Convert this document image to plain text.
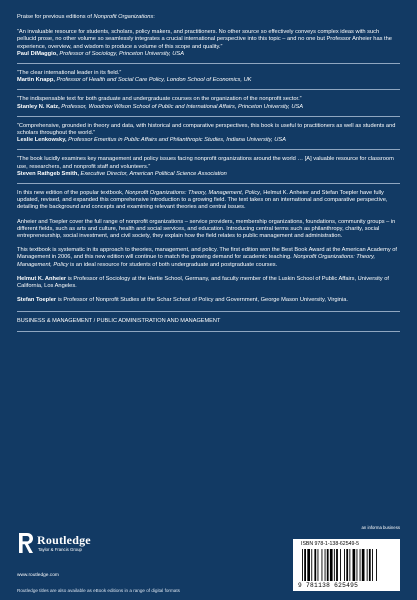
Praise for previous editions of Nonprofit Organizations:

“An invaluable resource for students, scholars, policy makers, and practitioners. No other source so effectively conveys complex ideas with such pellucid prose, no other volume so seamlessly integrates a crucial international perspective into this topic – and no one but Professor Anheier has the experience, overview, and wisdom to produce a volume of this scope and quality.”

Paul DiMaggio, Professor of Sociology, Princeton University, USA

“The clear international leader in its field.”

Martin Knapp, Professor of Health and Social Care Policy, London School of Economics, UK

“The indispensable text for both graduate and undergraduate courses on the organization of the nonprofit sector.”

Stanley N. Katz, Professor, Woodrow Wilson School of Public and International Affairs, Princeton University, USA

“Comprehensive, grounded in theory and data, with historical and comparative perspectives, this book is useful to practitioners as well as students and scholars throughout the world.”

Leslie Lenkowsky, Professor Emeritus in Public Affairs and Philanthropic Studies, Indiana University, USA

“The book lucidly examines key management and policy issues facing nonprofit organizations around the world … [A] valuable resource for classroom use, researchers, and nonprofit staff and volunteers.”

Steven Rathgeb Smith, Executive Director, American Political Science Association

In this new edition of the popular textbook, Nonprofit Organizations: Theory, Management, Policy, Helmut K. Anheier and Stefan Toepler have fully updated, revised, and expanded this comprehensive introduction to a growing field. The text takes on an international and comparative perspective, detailing the background and concepts and examining relevant theories and central issues.

Anheier and Toepler cover the full range of nonprofit organizations – service providers, membership organizations, foundations, community groups – in different fields, such as arts and culture, health and social services, and education. Introducing central terms such as philanthropy, charity, social entrepreneurship, social investment, and civil society, they explain how the field relates to public management and administration.

This textbook is systematic in its approach to theories, management, and policy. The first edition won the Best Book Award at the American Academy of Management in 2006, and this new edition will continue to match the growing demand for academic teaching. Nonprofit Organizations: Theory, Management, Policy is an ideal resource for students of both undergraduate and postgraduate courses.

Helmut K. Anheier is Professor of Sociology at the Hertie School, Germany, and faculty member of the Luskin School of Public Affairs, University of California, Los Angeles.

Stefan Toepler is Professor of Nonprofit Studies at the Schar School of Policy and Government, George Mason University, Virginia.

BUSINESS & MANAGEMENT / PUBLIC ADMINISTRATION AND MANAGEMENT

Routledge
Taylor & Francis Group
www.routledge.com
Routledge titles are also available as eBook editions in a range of digital formats
an informa business
ISBN 978-1-138-62549-5
9 781138 625495
